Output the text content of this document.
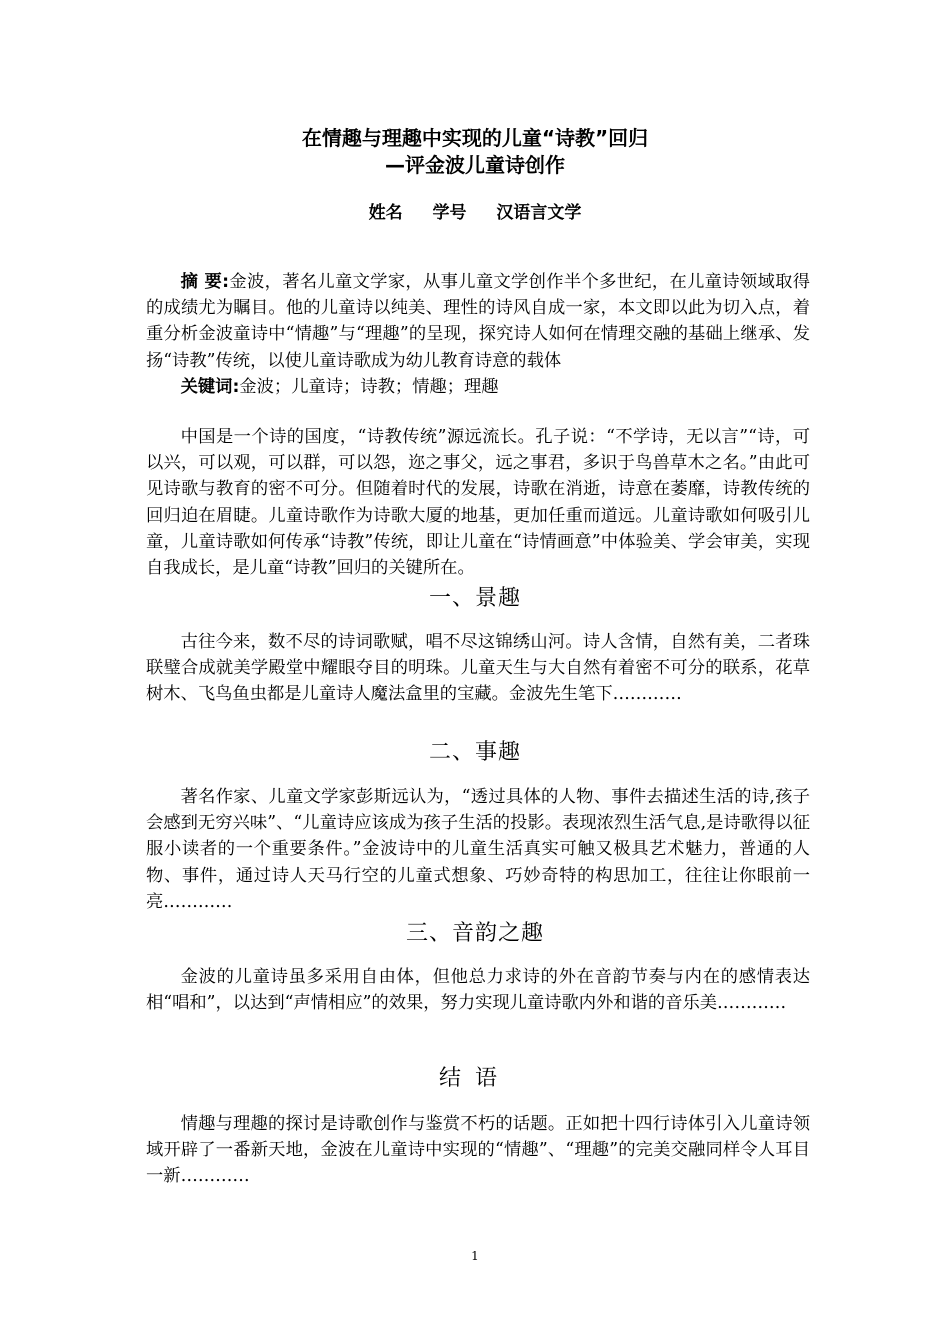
在情趣与理趣中实现的儿童“诗教”回归
—评金波儿童诗创作
姓名 学号 汉语言文学

摘 要:金波，著名儿童文学家，从事儿童文学创作半个多世纪，在儿童诗领域取得的成绩尤为瞩目。他的儿童诗以纯美、理性的诗风自成一家，本文即以此为切入点，着重分析金波童诗中“情趣”与“理趣”的呈现，探究诗人如何在情理交融的基础上继承、发扬“诗教”传统，以使儿童诗歌成为幼儿教育诗意的载体

关键词:金波；儿童诗；诗教；情趣；理趣

中国是一个诗的国度，“诗教传统”源远流长。孔子说：“不学诗，无以言”“诗，可以兴，可以观，可以群，可以怨，迩之事父，远之事君，多识于鸟兽草木之名。”由此可见诗歌与教育的密不可分。但随着时代的发展，诗歌在消逝，诗意在萎靡，诗教传统的回归迫在眉睫。儿童诗歌作为诗歌大厦的地基，更加任重而道远。儿童诗歌如何吸引儿童，儿童诗歌如何传承“诗教”传统，即让儿童在“诗情画意”中体验美、学会审美，实现自我成长，是儿童“诗教”回归的关键所在。

一、景趣

古往今来，数不尽的诗词歌赋，唱不尽这锦绣山河。诗人含情，自然有美，二者珠联璧合成就美学殿堂中耀眼夺目的明珠。儿童天生与大自然有着密不可分的联系，花草树木、飞鸟鱼虫都是儿童诗人魔法盒里的宝藏。金波先生笔下…………

二、事趣

著名作家、儿童文学家彭斯远认为，“透过具体的人物、事件去描述生活的诗,孩子会感到无穷兴味”、“儿童诗应该成为孩子生活的投影。表现浓烈生活气息,是诗歌得以征服小读者的一个重要条件。”金波诗中的儿童生活真实可触又极具艺术魅力，普通的人物、事件，通过诗人天马行空的儿童式想象、巧妙奇特的构思加工，往往让你眼前一亮…………

三、音韵之趣

金波的儿童诗虽多采用自由体，但他总力求诗的外在音韵节奏与内在的感情表达相“唱和”，以达到“声情相应”的效果，努力实现儿童诗歌内外和谐的音乐美…………

结语

情趣与理趣的探讨是诗歌创作与鉴赏不朽的话题。正如把十四行诗体引入儿童诗领域开辟了一番新天地，金波在儿童诗中实现的“情趣”、“理趣”的完美交融同样令人耳目一新…………

1
